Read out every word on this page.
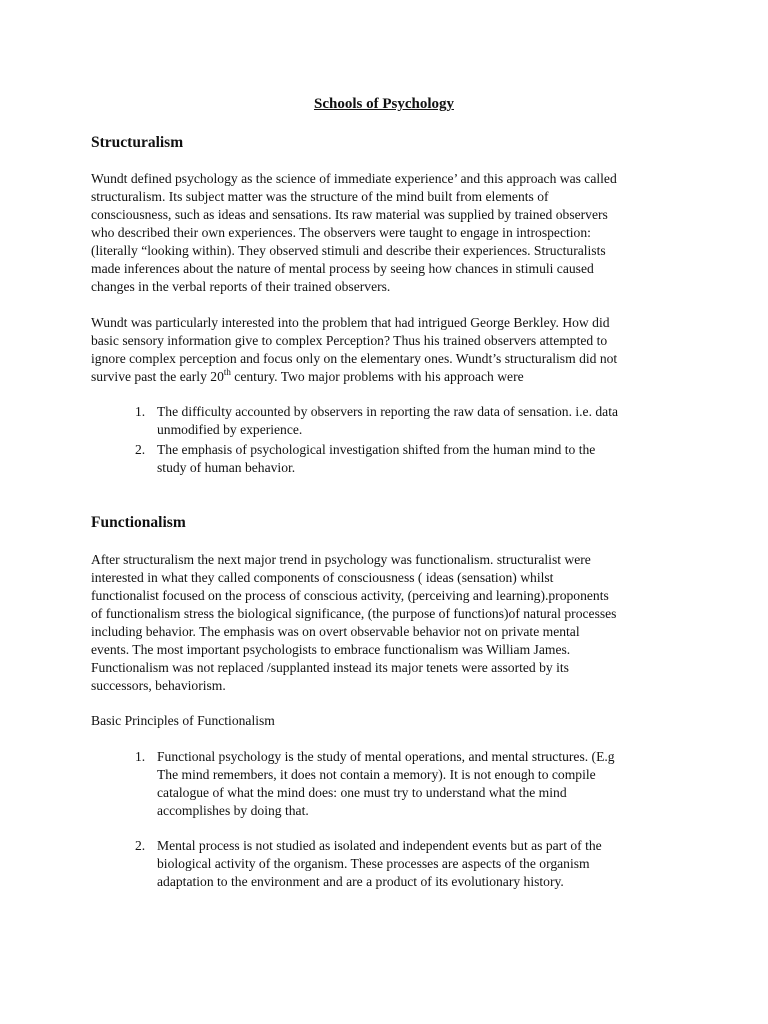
Schools of Psychology
Structuralism

Wundt defined psychology as the science of immediate experience’ and this approach was called
structuralism. Its subject matter was the structure of the mind built from elements of
consciousness, such as ideas and sensations. Its raw material was supplied by trained observers
who described their own experiences. The observers were taught to engage in introspection:
(literally “looking within). They observed stimuli and describe their experiences. Structuralists
made inferences about the nature of mental process by seeing how chances in stimuli caused
changes in the verbal reports of their trained observers.

Wundt was particularly interested into the problem that had intrigued George Berkley. How did
basic sensory information give to complex Perception? Thus his trained observers attempted to
ignore complex perception and focus only on the elementary ones. Wundt’s structuralism did not
survive past the early 20th century. Two major problems with his approach were

1. The difficulty accounted by observers in reporting the raw data of sensation. i.e. data
unmodified by experience.
2. The emphasis of psychological investigation shifted from the human mind to the
study of human behavior.
Functionalism

After structuralism the next major trend in psychology was functionalism. structuralist were
interested in what they called components of consciousness ( ideas (sensation) whilst
functionalist focused on the process of conscious activity, (perceiving and learning).proponents
of functionalism stress the biological significance, (the purpose of functions)of natural processes
including behavior. The emphasis was on overt observable behavior not on private mental
events. The most important psychologists to embrace functionalism was William James.
Functionalism was not replaced /supplanted instead its major tenets were assorted by its
successors, behaviorism.

Basic Principles of Functionalism

1. Functional psychology is the study of mental operations, and mental structures. (E.g
The mind remembers, it does not contain a memory). It is not enough to compile
catalogue of what the mind does: one must try to understand what the mind
accomplishes by doing that.
2. Mental process is not studied as isolated and independent events but as part of the
biological activity of the organism. These processes are aspects of the organism
adaptation to the environment and are a product of its evolutionary history.
